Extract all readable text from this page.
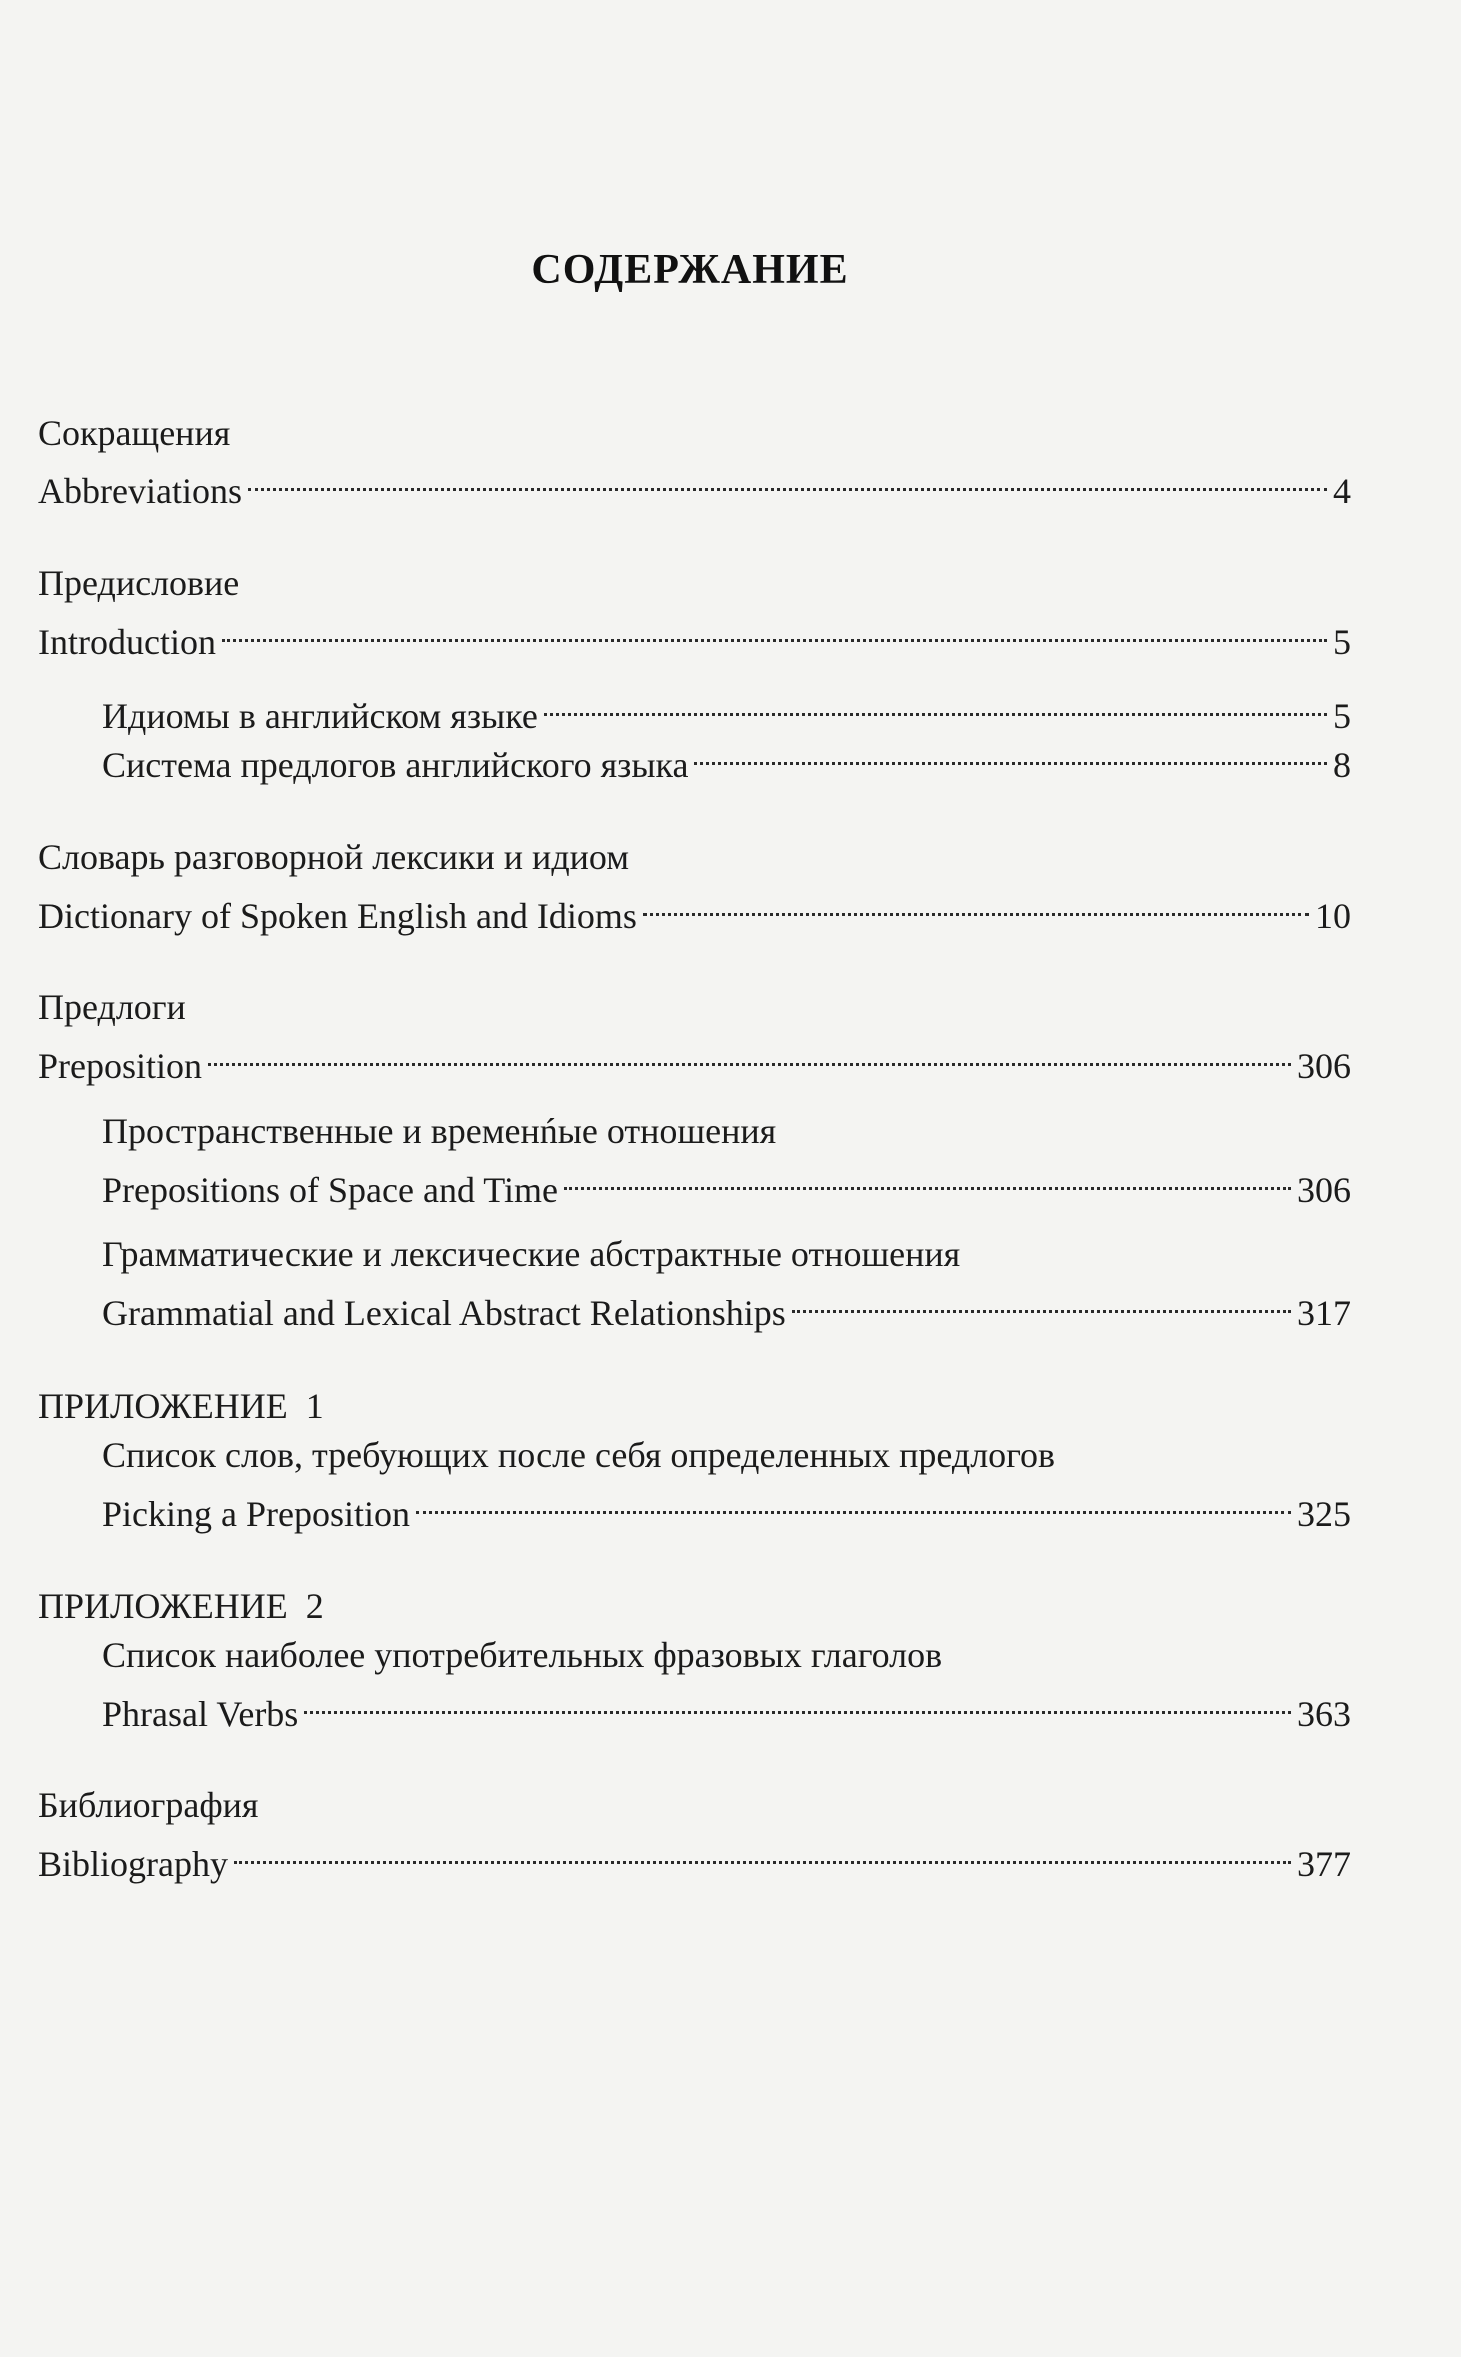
СОДЕРЖАНИЕ
Сокращения
Abbreviations	4
Предисловие
Introduction	5
Идиомы в английском языке	5
Система предлогов английского языка	8
Словарь разговорной лексики и идиом
Dictionary of Spoken English and Idioms	10
Предлоги
Preposition	306
Пространственные и временńые отношения
Prepositions of Space and Time	306
Грамматические и лексические абстрактные отношения
Grammatial and Lexical Abstract Relationships	317
ПРИЛОЖЕНИЕ  1
Список слов, требующих после себя определенных предлогов
Picking a Preposition	325
ПРИЛОЖЕНИЕ  2
Список наиболее употребительных фразовых глаголов
Phrasal Verbs	363
Библиография
Bibliography	377
